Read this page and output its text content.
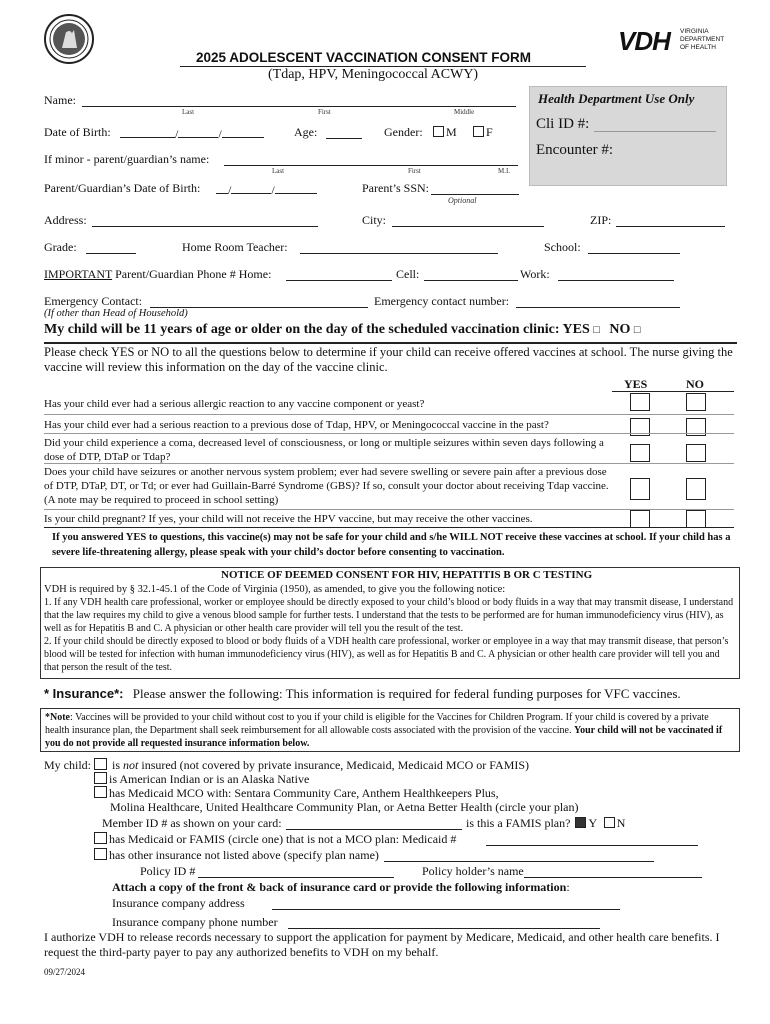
2025 ADOLESCENT VACCINATION CONSENT FORM
(Tdap, HPV, Meningococcal ACWY)
VDH VIRGINIA
DEPARTMENT
OF HEALTH
Name:
Last	First	Middle
Health Department Use Only
Cli ID #:
Encounter #:
Date of Birth:	/	/	Age:	Gender:	M	F
If minor - parent/guardian’s name:
Last	First	M.I.
Parent/Guardian’s Date of Birth:	/	/	Parent’s SSN:
Optional
Address:	City:	ZIP:
Grade:	Home Room Teacher:	School:
IMPORTANT Parent/Guardian Phone # Home:	Cell:	Work:
Emergency Contact:	Emergency contact number:
(If other than Head of Household)
My child will be 11 years of age or older on the day of the scheduled vaccination clinic: YES □ NO □
Please check YES or NO to all the questions below to determine if your child can receive offered vaccines at school. The nurse giving the vaccine will review this information on the day of the vaccine clinic.
YES	NO
Has your child ever had a serious allergic reaction to any vaccine component or yeast?
Has your child ever had a serious reaction to a previous dose of Tdap, HPV, or Meningococcal vaccine in the past?
Did your child experience a coma, decreased level of consciousness, or long or multiple seizures within seven days following a dose of DTP, DTaP or Tdap?
Does your child have seizures or another nervous system problem; ever had severe swelling or severe pain after a previous dose of DTP, DTaP, DT, or Td; or ever had Guillain-Barré Syndrome (GBS)? If so, consult your doctor about receiving Tdap vaccine. (A note may be required to proceed in school setting)
Is your child pregnant? If yes, your child will not receive the HPV vaccine, but may receive the other vaccines.
If you answered YES to questions, this vaccine(s) may not be safe for your child and s/he WILL NOT receive these vaccines at school. If your child has a severe life-threatening allergy, please speak with your child’s doctor before consenting to vaccination.
NOTICE OF DEEMED CONSENT FOR HIV, HEPATITIS B OR C TESTING
VDH is required by § 32.1-45.1 of the Code of Virginia (1950), as amended, to give you the following notice:
1. If any VDH health care professional, worker or employee should be directly exposed to your child’s blood or body fluids in a way that may transmit disease, I understand that the law requires my child to give a venous blood sample for further tests. I understand that the tests to be performed are for human immunodeficiency virus (HIV), as well as for Hepatitis B and C. A physician or other health care provider will tell you the result of the test.
2. If your child should be directly exposed to blood or body fluids of a VDH health care professional, worker or employee in a way that may transmit disease, that person’s blood will be tested for infection with human immunodeficiency virus (HIV), as well as for Hepatitis B and C. A physician or other health care provider will tell you and that person the result of the test.
* Insurance*: Please answer the following: This information is required for federal funding purposes for VFC vaccines.
*Note: Vaccines will be provided to your child without cost to you if your child is eligible for the Vaccines for Children Program. If your child is covered by a private health insurance plan, the Department shall seek reimbursement for all allowable costs associated with the provision of the vaccine. Your child will not be vaccinated if you do not provide all requested insurance information below.
My child:	is not insured (not covered by private insurance, Medicaid, Medicaid MCO or FAMIS)
is American Indian or is an Alaska Native
has Medicaid MCO with: Sentara Community Care, Anthem Healthkeepers Plus,
Molina Healthcare, United Healthcare Community Plan, or Aetna Better Health (circle your plan)
Member ID # as shown on your card:	is this a FAMIS plan? Y N
has Medicaid or FAMIS (circle one) that is not a MCO plan: Medicaid #
has other insurance not listed above (specify plan name)
Policy ID #	Policy holder’s name
Attach a copy of the front & back of insurance card or provide the following information:
Insurance company address
Insurance company phone number
I authorize VDH to release records necessary to support the application for payment by Medicare, Medicaid, and other health care benefits. I request the third-party payer to pay any authorized benefits to VDH on my behalf.
09/27/2024
